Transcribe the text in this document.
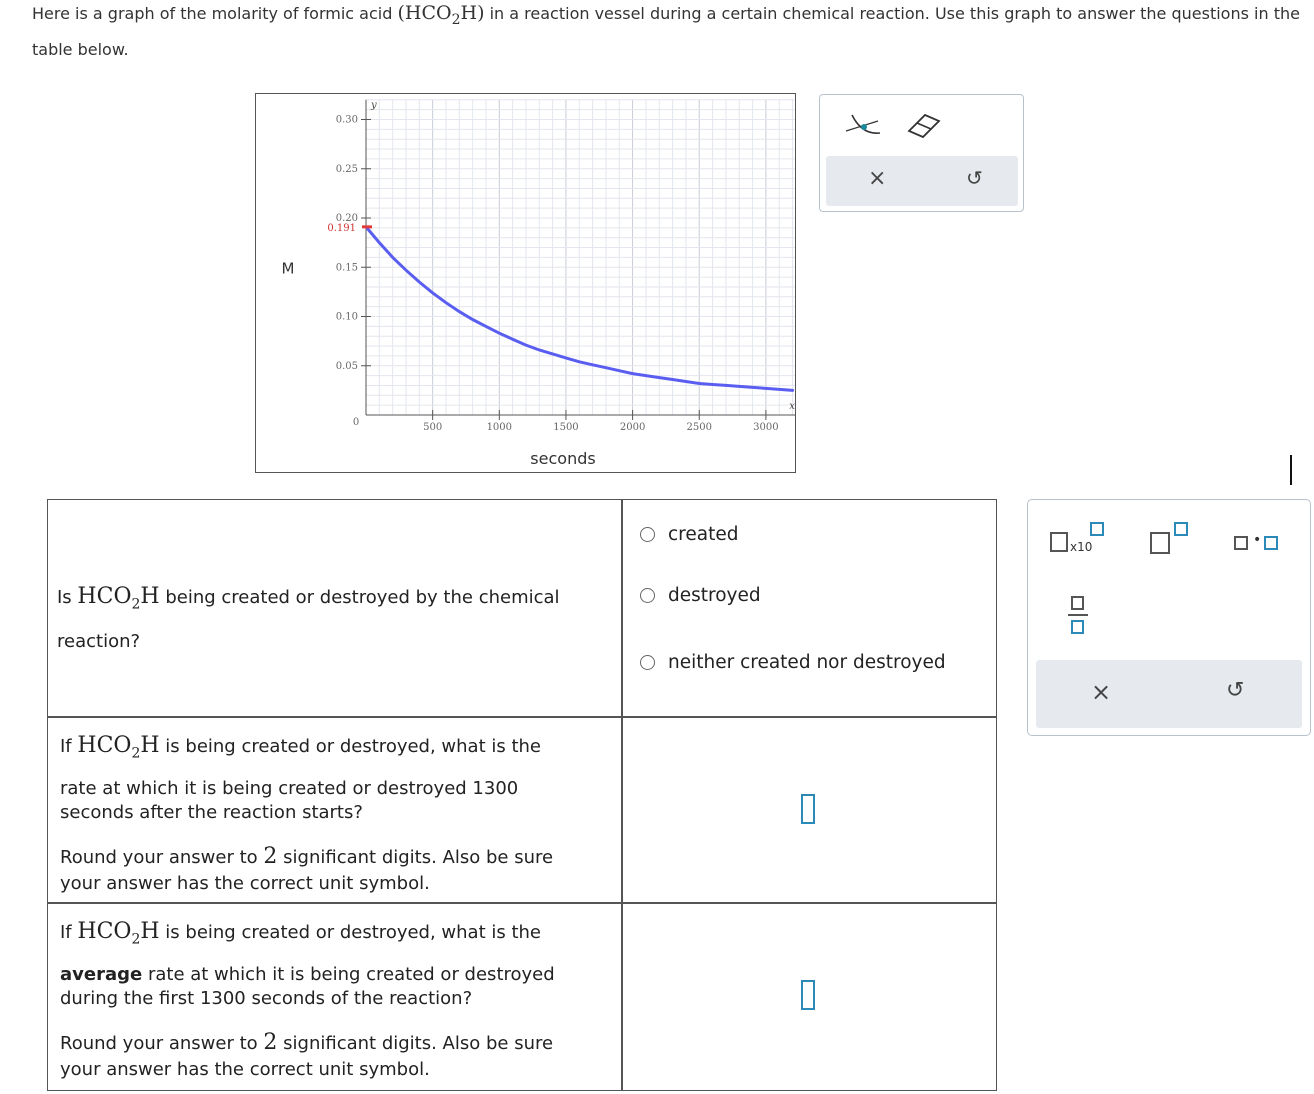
Here is a graph of the molarity of formic acid $(HCO_2H)$ in a reaction vessel during a certain chemical reaction. Use this graph to answer the questions in the table below.
y
x
0.05
0.10
0.15
0.20
0.25
0.30
500	1000	1500	2000	2500	3000
0
M
seconds
0.191
×	↺
Is $HCO_2H$ being created or destroyed by the chemical reaction?
created
destroyed
neither created nor destroyed
If $HCO_2H$ is being created or destroyed, what is the
rate at which it is being created or destroyed 1300
seconds after the reaction starts?
Round your answer to 2 significant digits. Also be sure
your answer has the correct unit symbol.
If $HCO_2H$ is being created or destroyed, what is the
average rate at which it is being created or destroyed
during the first 1300 seconds of the reaction?
Round your answer to 2 significant digits. Also be sure
your answer has the correct unit symbol.
x10	•
×	↺
